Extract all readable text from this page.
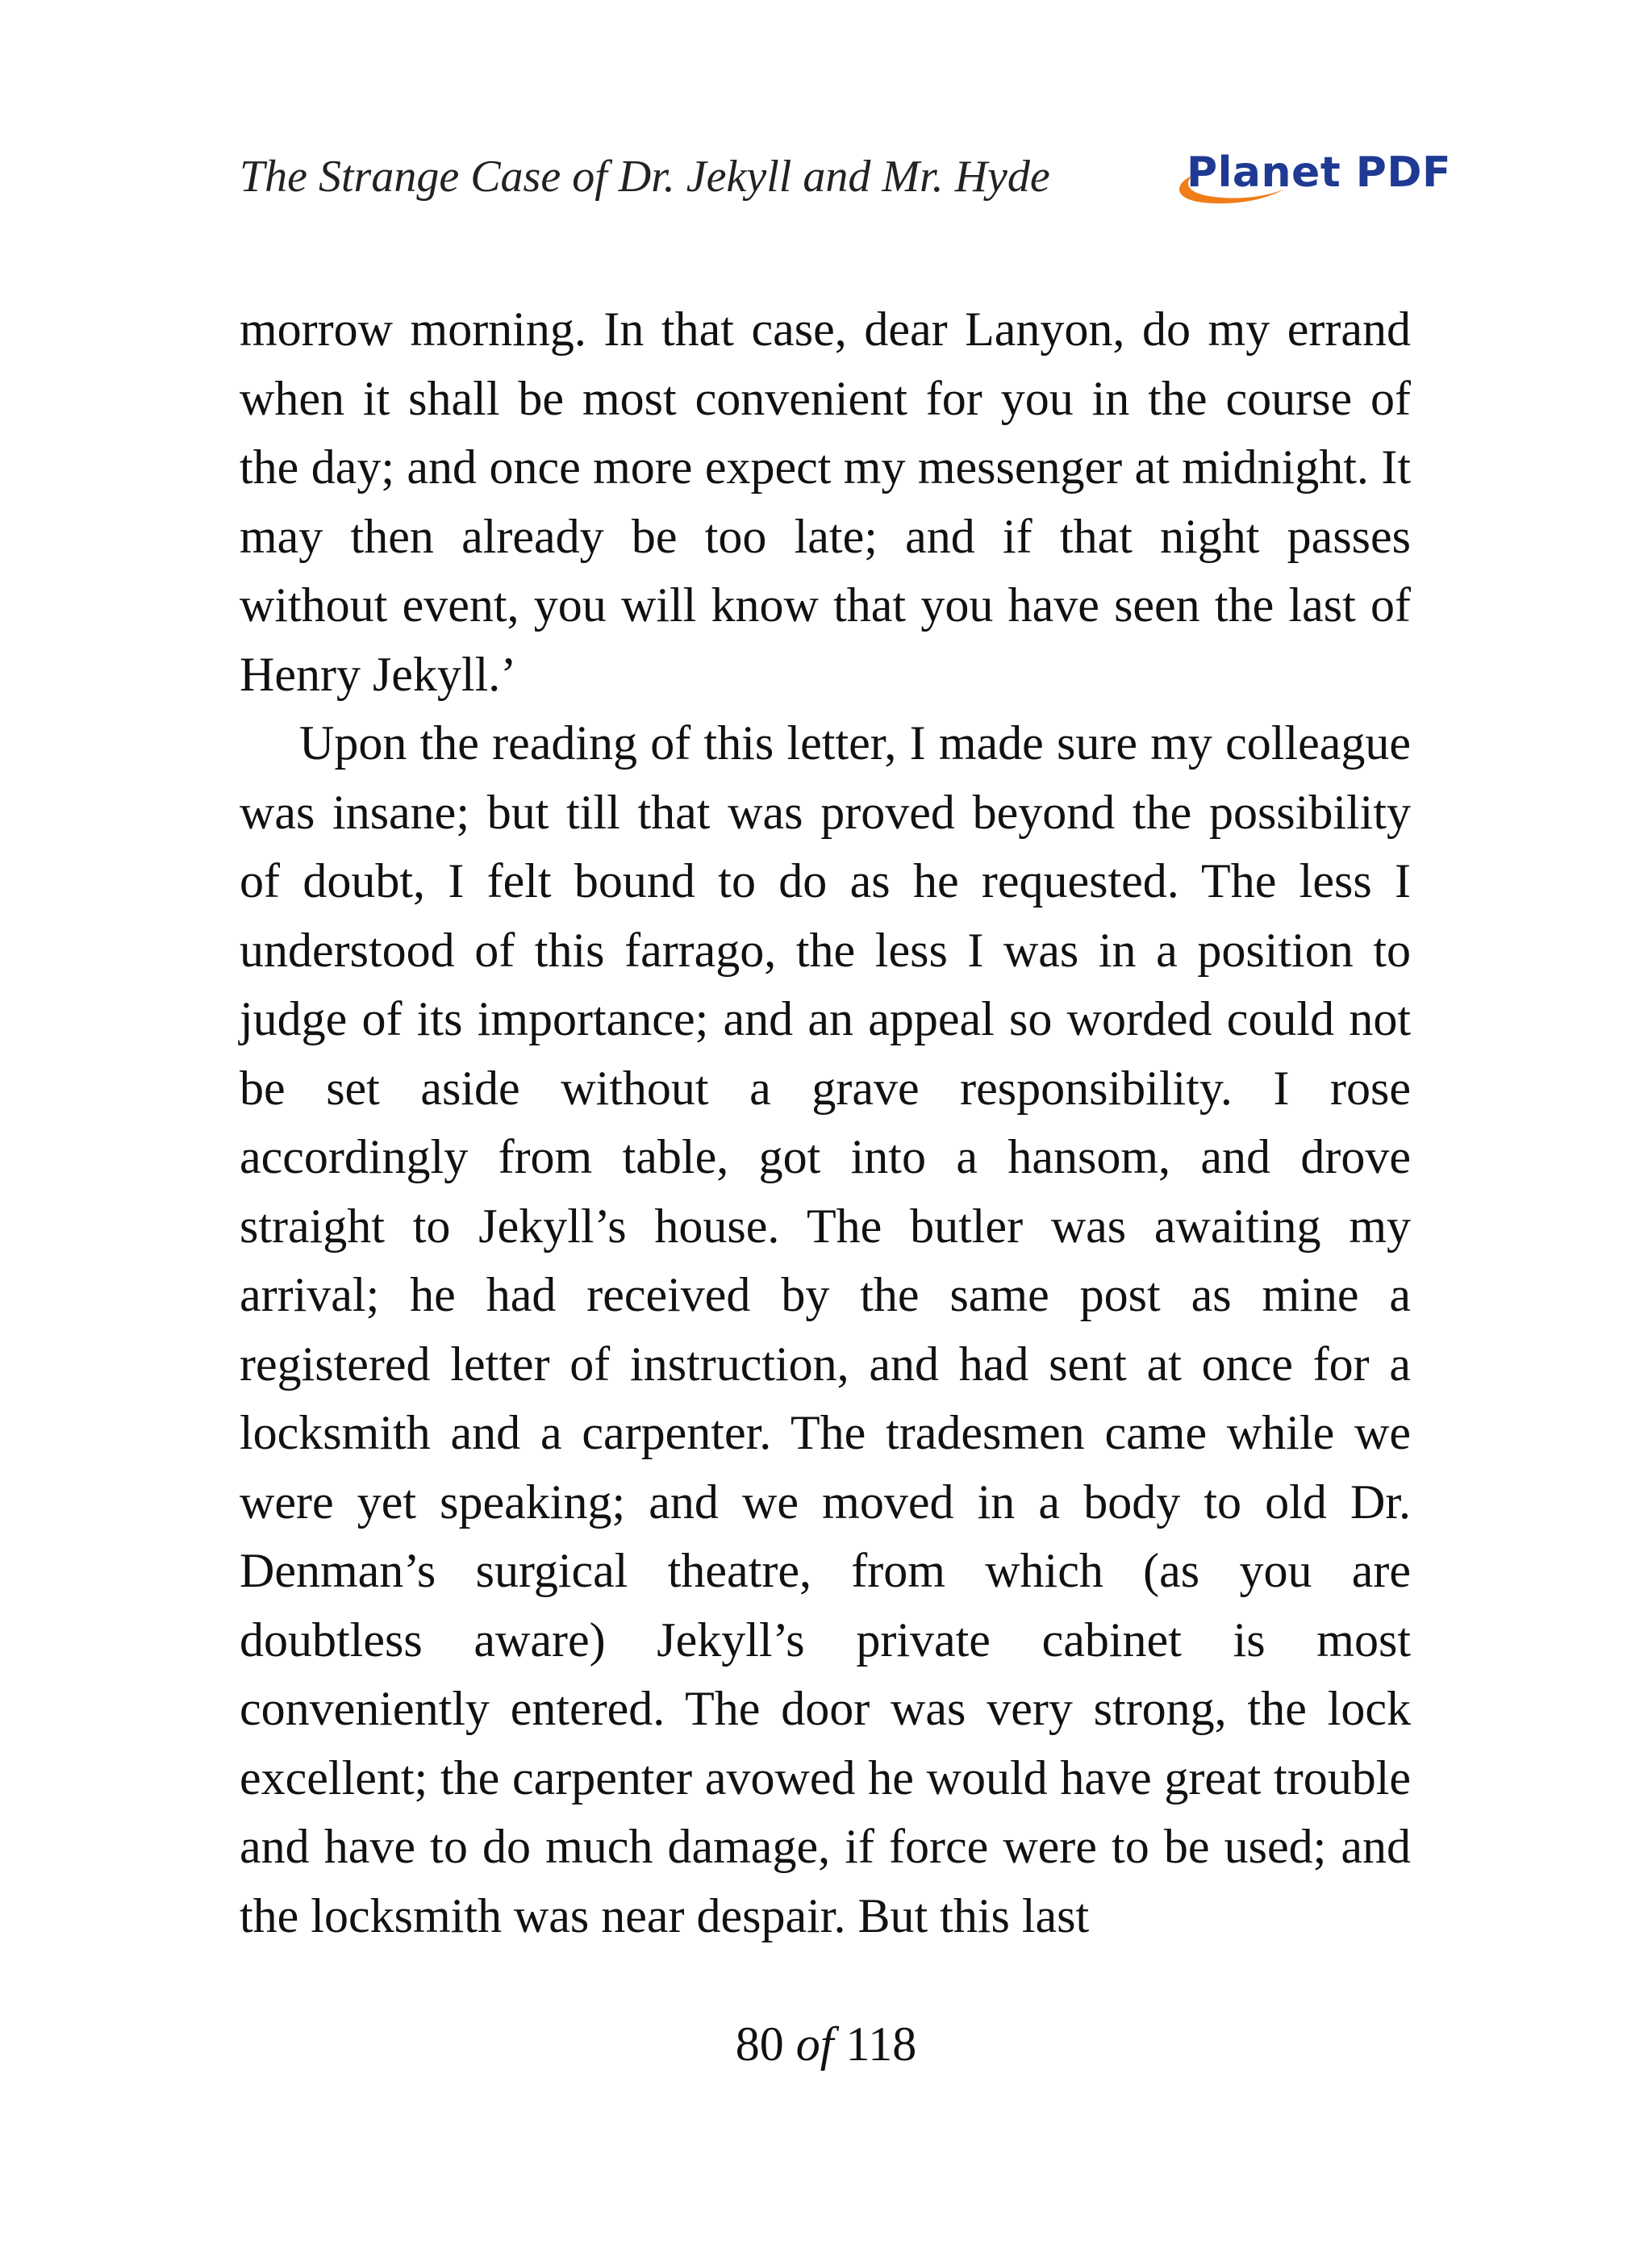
The Strange Case of Dr. Jekyll and Mr. Hyde	Planet PDF

morrow morning. In that case, dear Lanyon, do my errand when it shall be most convenient for you in the course of the day; and once more expect my messenger at midnight. It may then already be too late; and if that night passes without event, you will know that you have seen the last of Henry Jekyll.’

Upon the reading of this letter, I made sure my colleague was insane; but till that was proved beyond the possibility of doubt, I felt bound to do as he requested. The less I understood of this farrago, the less I was in a position to judge of its importance; and an appeal so worded could not be set aside without a grave responsibility. I rose accordingly from table, got into a hansom, and drove straight to Jekyll’s house. The butler was awaiting my arrival; he had received by the same post as mine a registered letter of instruction, and had sent at once for a locksmith and a carpenter. The tradesmen came while we were yet speaking; and we moved in a body to old Dr. Denman’s surgical theatre, from which (as you are doubtless aware) Jekyll’s private cabinet is most conveniently entered. The door was very strong, the lock excellent; the carpenter avowed he would have great trouble and have to do much damage, if force were to be used; and the locksmith was near despair. But this last

80 of 118
